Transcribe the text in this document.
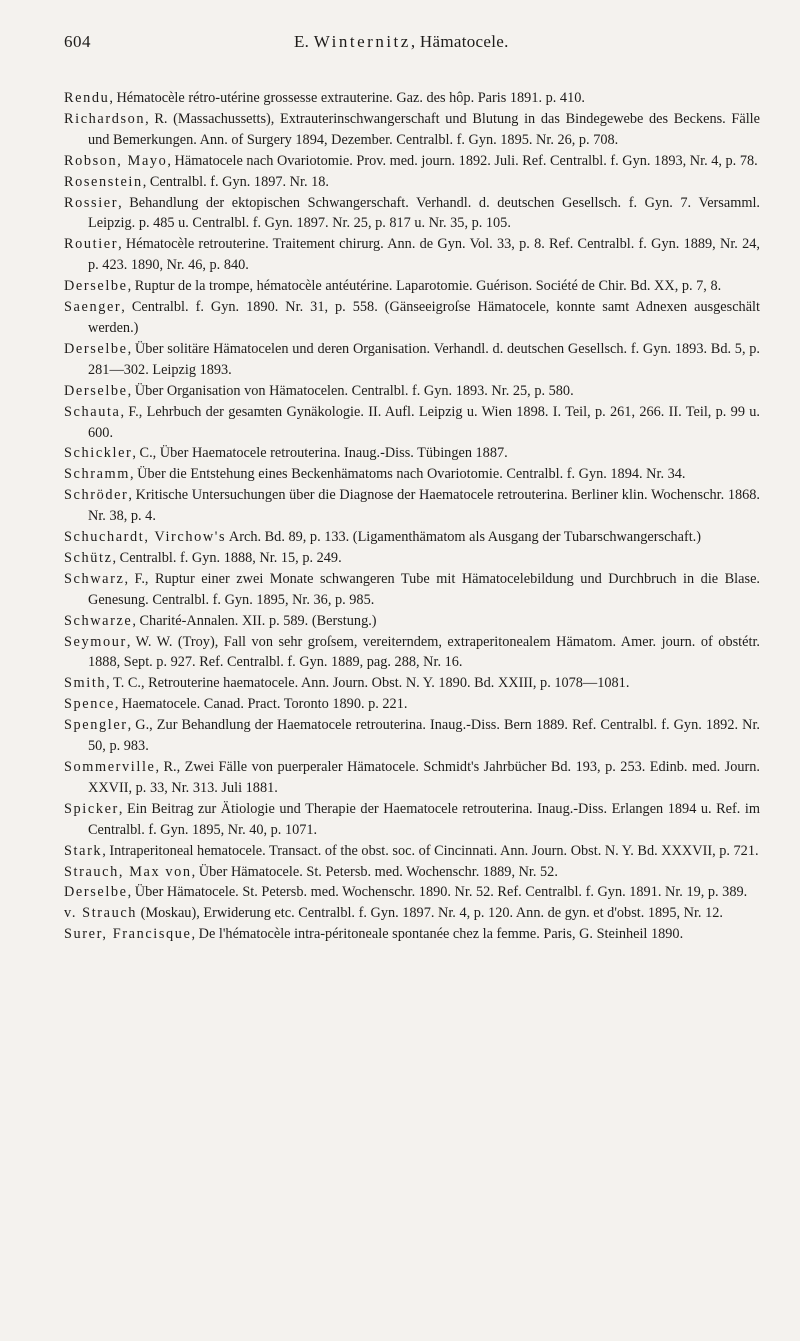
604	E. Winternitz, Hämatocele.
Rendu, Hématocèle rétro-utérine grossesse extrauterine. Gaz. des hôp. Paris 1891. p. 410.
Richardson, R. (Massachussetts), Extrauterinschwangerschaft und Blutung in das Bindegewebe des Beckens. Fälle und Bemerkungen. Ann. of Surgery 1894, Dezember. Centralbl. f. Gyn. 1895. Nr. 26, p. 708.
Robson, Mayo, Hämatocele nach Ovariotomie. Prov. med. journ. 1892. Juli. Ref. Centralbl. f. Gyn. 1893, Nr. 4, p. 78.
Rosenstein, Centralbl. f. Gyn. 1897. Nr. 18.
Rossier, Behandlung der ektopischen Schwangerschaft. Verhandl. d. deutschen Gesellsch. f. Gyn. 7. Versamml. Leipzig. p. 485 u. Centralbl. f. Gyn. 1897. Nr. 25, p. 817 u. Nr. 35, p. 105.
Routier, Hématocèle retrouterine. Traitement chirurg. Ann. de Gyn. Vol. 33, p. 8. Ref. Centralbl. f. Gyn. 1889, Nr. 24, p. 423. 1890, Nr. 46, p. 840.
Derselbe, Ruptur de la trompe, hématocèle antéutérine. Laparotomie. Guérison. Société de Chir. Bd. XX, p. 7, 8.
Saenger, Centralbl. f. Gyn. 1890. Nr. 31, p. 558. (Gänseeigroſse Hämatocele, konnte samt Adnexen ausgeschält werden.)
Derselbe, Über solitäre Hämatocelen und deren Organisation. Verhandl. d. deutschen Gesellsch. f. Gyn. 1893. Bd. 5, p. 281—302. Leipzig 1893.
Derselbe, Über Organisation von Hämatocelen. Centralbl. f. Gyn. 1893. Nr. 25, p. 580.
Schauta, F., Lehrbuch der gesamten Gynäkologie. II. Aufl. Leipzig u. Wien 1898. I. Teil, p. 261, 266. II. Teil, p. 99 u. 600.
Schickler, C., Über Haematocele retrouterina. Inaug.-Diss. Tübingen 1887.
Schramm, Über die Entstehung eines Beckenhämatoms nach Ovariotomie. Centralbl. f. Gyn. 1894. Nr. 34.
Schröder, Kritische Untersuchungen über die Diagnose der Haematocele retrouterina. Berliner klin. Wochenschr. 1868. Nr. 38, p. 4.
Schuchardt, Virchow's Arch. Bd. 89, p. 133. (Ligamenthämatom als Ausgang der Tubarschwangerschaft.)
Schütz, Centralbl. f. Gyn. 1888, Nr. 15, p. 249.
Schwarz, F., Ruptur einer zwei Monate schwangeren Tube mit Hämatocelebildung und Durchbruch in die Blase. Genesung. Centralbl. f. Gyn. 1895, Nr. 36, p. 985.
Schwarze, Charité-Annalen. XII. p. 589. (Berstung.)
Seymour, W. W. (Troy), Fall von sehr groſsem, vereiterndem, extraperitonealem Hämatom. Amer. journ. of obstétr. 1888, Sept. p. 927. Ref. Centralbl. f. Gyn. 1889, pag. 288, Nr. 16.
Smith, T. C., Retrouterine haematocele. Ann. Journ. Obst. N. Y. 1890. Bd. XXIII, p. 1078—1081.
Spence, Haematocele. Canad. Pract. Toronto 1890. p. 221.
Spengler, G., Zur Behandlung der Haematocele retrouterina. Inaug.-Diss. Bern 1889. Ref. Centralbl. f. Gyn. 1892. Nr. 50, p. 983.
Sommerville, R., Zwei Fälle von puerperaler Hämatocele. Schmidt's Jahrbücher Bd. 193, p. 253. Edinb. med. Journ. XXVII, p. 33, Nr. 313. Juli 1881.
Spicker, Ein Beitrag zur Ätiologie und Therapie der Haematocele retrouterina. Inaug.-Diss. Erlangen 1894 u. Ref. im Centralbl. f. Gyn. 1895, Nr. 40, p. 1071.
Stark, Intraperitoneal hematocele. Transact. of the obst. soc. of Cincinnati. Ann. Journ. Obst. N. Y. Bd. XXXVII, p. 721.
Strauch, Max von, Über Hämatocele. St. Petersb. med. Wochenschr. 1889, Nr. 52.
Derselbe, Über Hämatocele. St. Petersb. med. Wochenschr. 1890. Nr. 52. Ref. Centralbl. f. Gyn. 1891. Nr. 19, p. 389.
v. Strauch (Moskau), Erwiderung etc. Centralbl. f. Gyn. 1897. Nr. 4, p. 120. Ann. de gyn. et d'obst. 1895, Nr. 12.
Surer, Francisque, De l'hématocèle intra-péritoneale spontanée chez la femme. Paris, G. Steinheil 1890.
